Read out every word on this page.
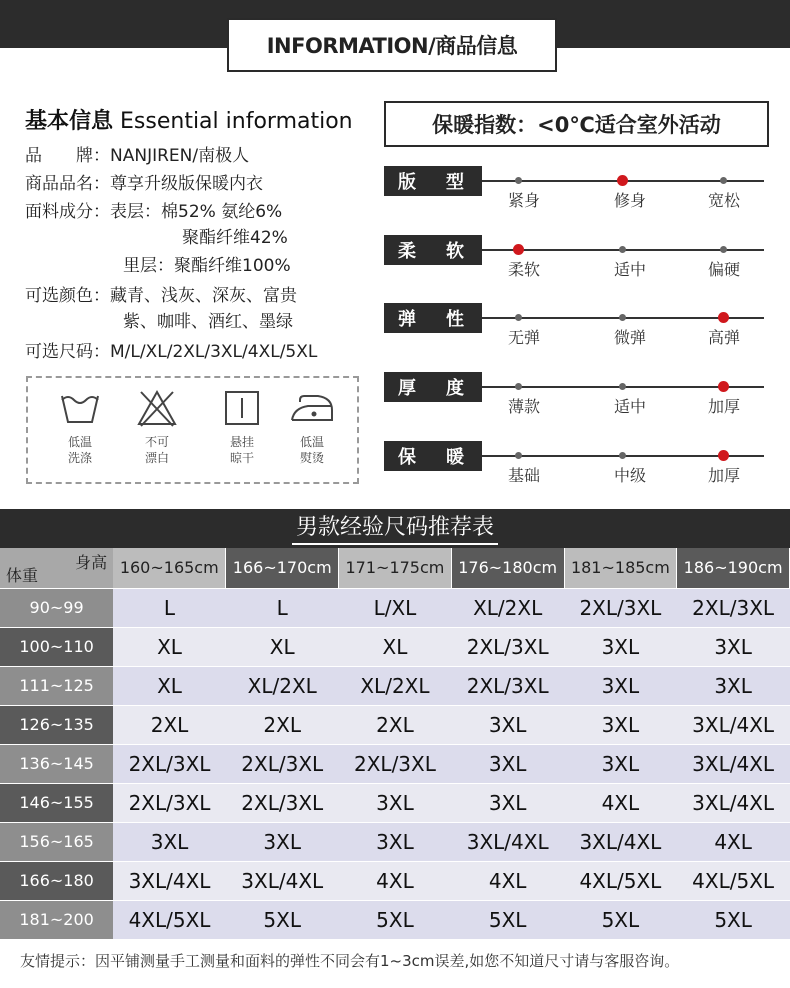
INFORMATION/商品信息
基本信息 Essential information
品　　牌：NANJIREN/南极人
商品品名：尊享升级版保暖内衣
面料成分：表层：棉52% 氨纶6%
聚酯纤维42%
里层：聚酯纤维100%
可选颜色：藏青、浅灰、深灰、富贵
紫、咖啡、酒红、墨绿
可选尺码：M/L/XL/2XL/3XL/4XL/5XL
低温
洗涤
不可
漂白
悬挂
晾干
低温
熨烫
保暖指数：<0℃适合室外活动
版 型
紧身	修身	宽松
柔 软
柔软	适中	偏硬
弹 性
无弹	微弹	高弹
厚 度
薄款	适中	加厚
保 暖
基础	中级	加厚
男款经验尺码推荐表
身高
体重	160~165cm	166~170cm	171~175cm	176~180cm	181~185cm	186~190cm
90~99	L	L	L/XL	XL/2XL	2XL/3XL	2XL/3XL
100~110	XL	XL	XL	2XL/3XL	3XL	3XL
111~125	XL	XL/2XL	XL/2XL	2XL/3XL	3XL	3XL
126~135	2XL	2XL	2XL	3XL	3XL	3XL/4XL
136~145	2XL/3XL	2XL/3XL	2XL/3XL	3XL	3XL	3XL/4XL
146~155	2XL/3XL	2XL/3XL	3XL	3XL	4XL	3XL/4XL
156~165	3XL	3XL	3XL	3XL/4XL	3XL/4XL	4XL
166~180	3XL/4XL	3XL/4XL	4XL	4XL	4XL/5XL	4XL/5XL
181~200	4XL/5XL	5XL	5XL	5XL	5XL	5XL
友情提示：因平铺测量手工测量和面料的弹性不同会有1~3cm误差,如您不知道尺寸请与客服咨询。
